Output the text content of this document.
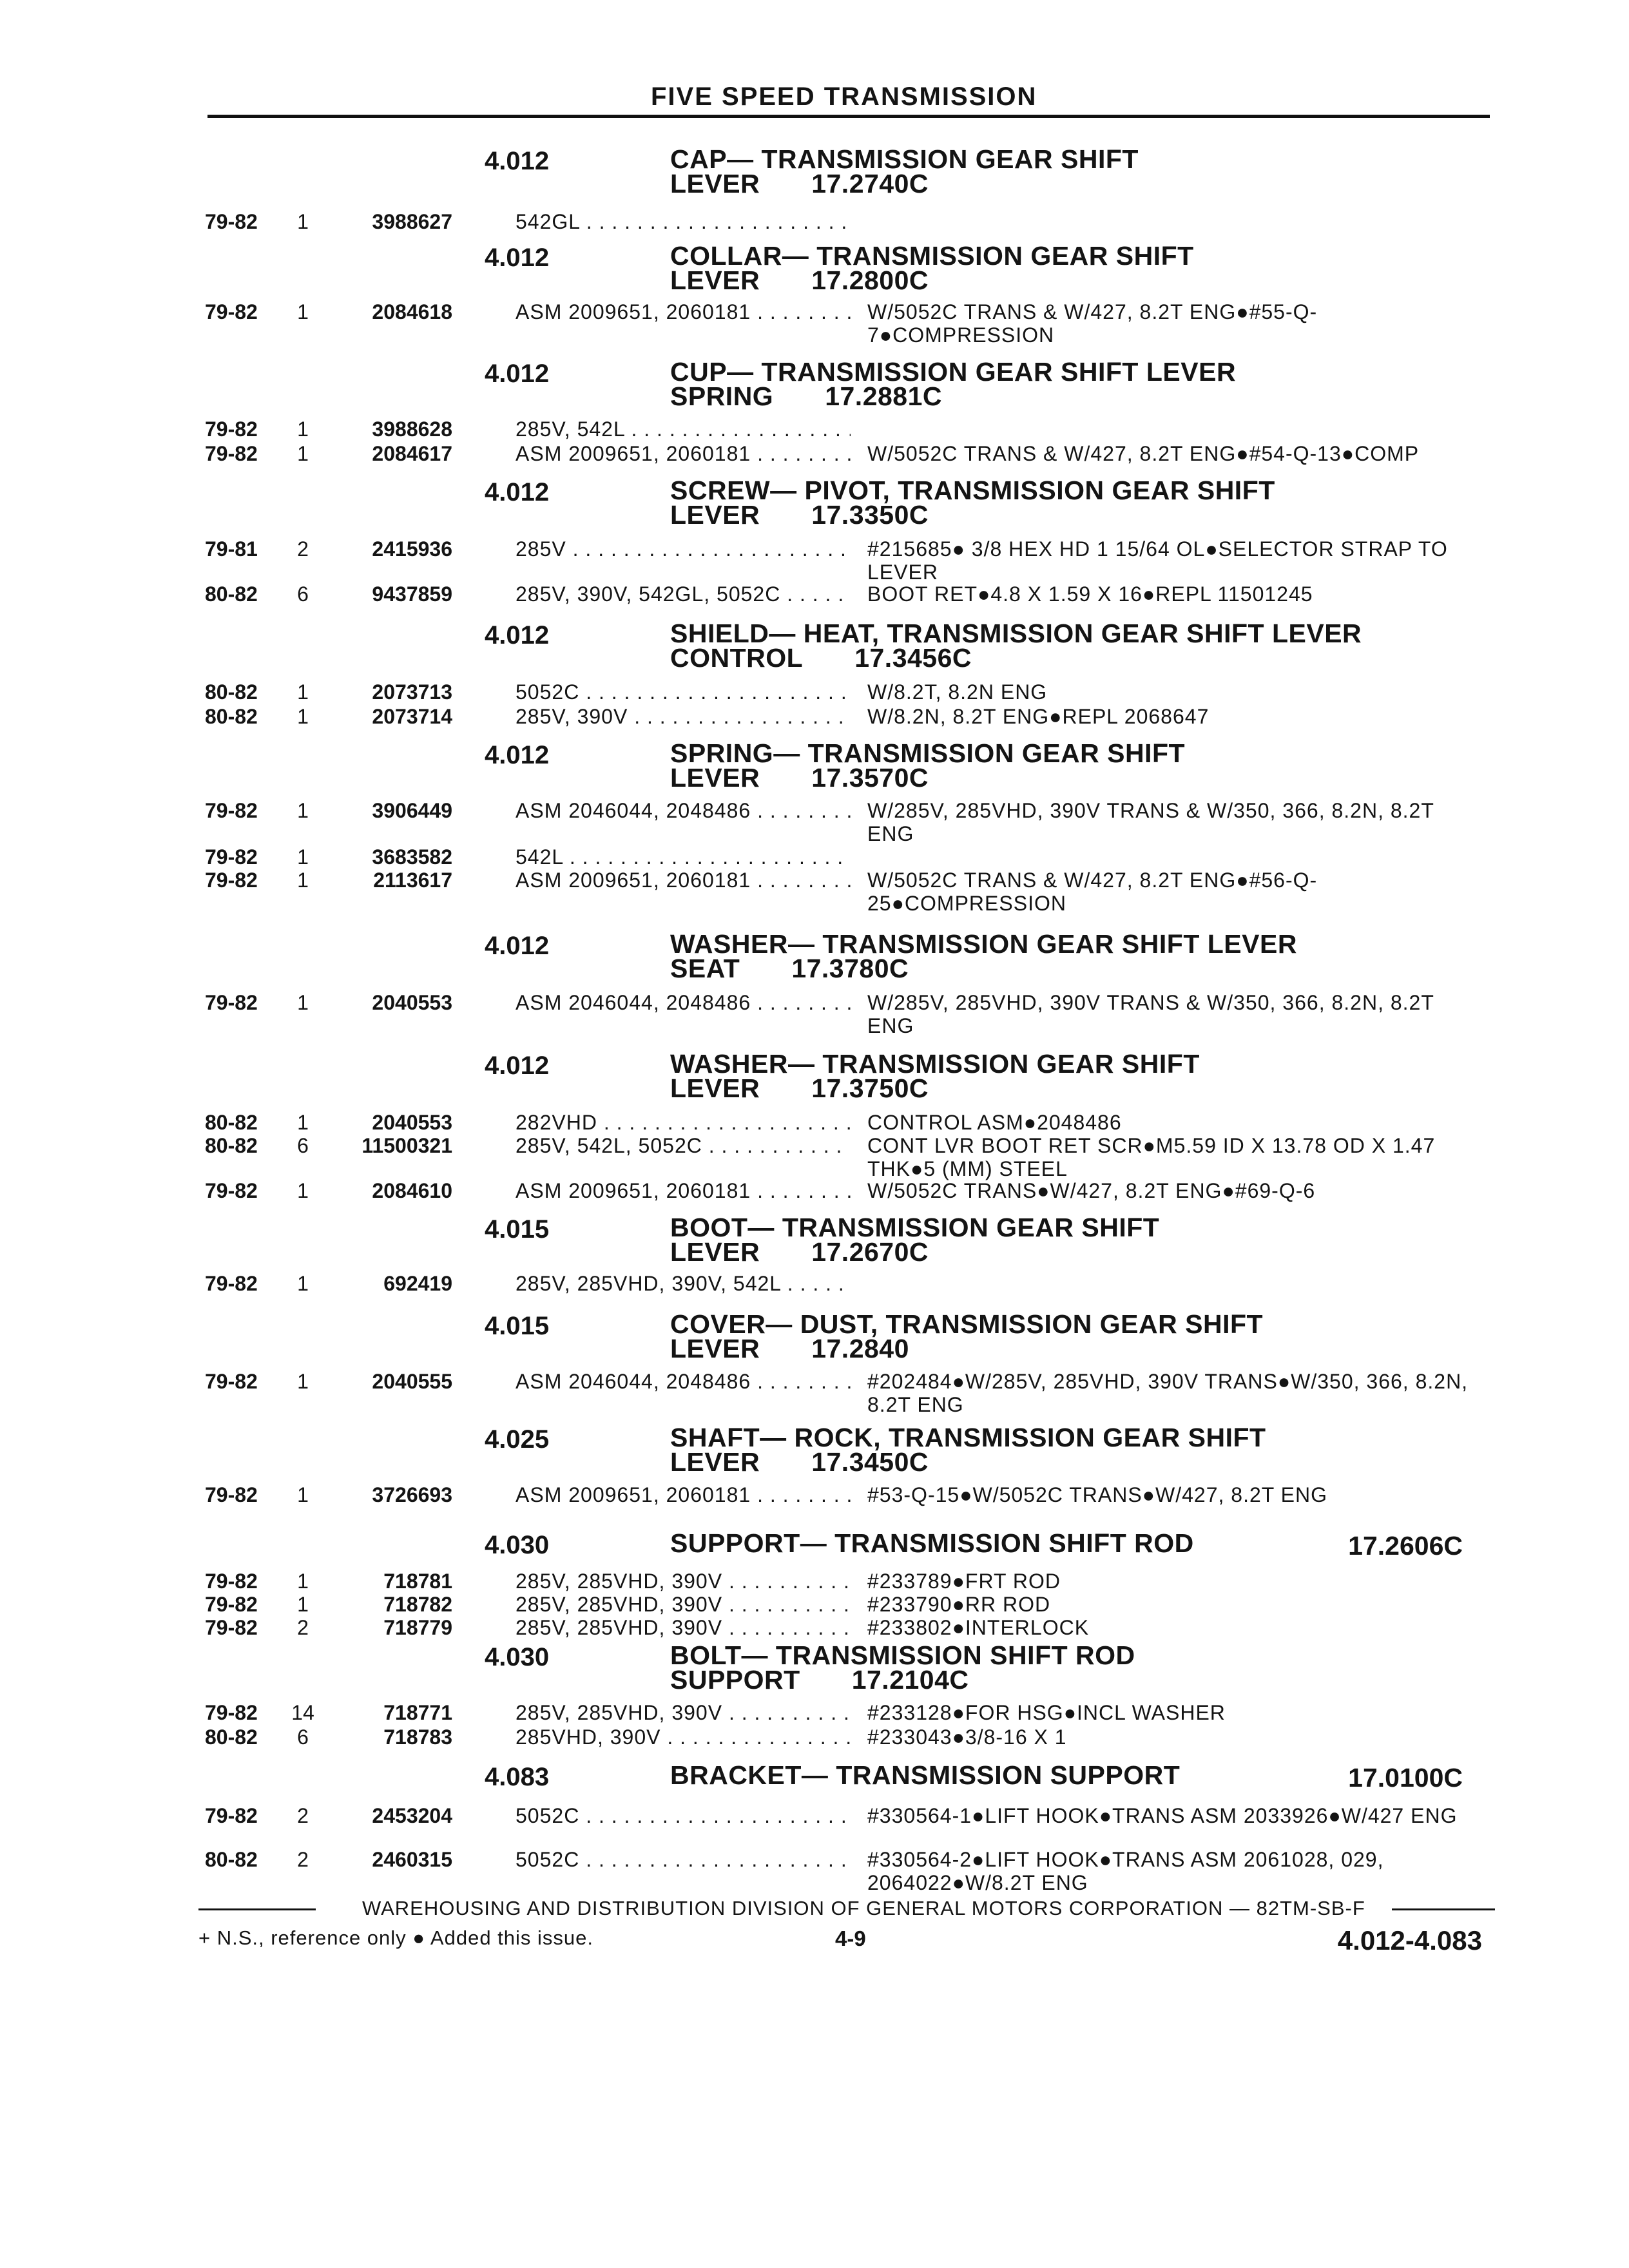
FIVE SPEED TRANSMISSION
4.012	CAP— TRANSMISSION GEAR SHIFT
LEVER 17.2740C
79-82	1	3988627	542GL . . .
4.012	COLLAR— TRANSMISSION GEAR SHIFT
LEVER 17.2800C
79-82	1	2084618	ASM 2009651, 2060181 . . .	W/5052C TRANS & W/427, 8.2T ENG●#55-Q-7●COMPRESSION
4.012	CUP— TRANSMISSION GEAR SHIFT LEVER
SPRING 17.2881C
79-82	1	3988628	285V, 542L . . .
79-82	1	2084617	ASM 2009651, 2060181 . . .	W/5052C TRANS & W/427, 8.2T ENG●#54-Q-13●COMP
4.012	SCREW— PIVOT, TRANSMISSION GEAR SHIFT
LEVER 17.3350C
79-81	2	2415936	285V . . .	#215685● 3/8 HEX HD 1 15/64 OL●SELECTOR STRAP TO LEVER
80-82	6	9437859	285V, 390V, 542GL, 5052C . . .	BOOT RET●4.8 X 1.59 X 16●REPL 11501245
4.012	SHIELD— HEAT, TRANSMISSION GEAR SHIFT LEVER
CONTROL 17.3456C
80-82	1	2073713	5052C . . .	W/8.2T, 8.2N ENG
80-82	1	2073714	285V, 390V . . .	W/8.2N, 8.2T ENG●REPL 2068647
4.012	SPRING— TRANSMISSION GEAR SHIFT
LEVER 17.3570C
79-82	1	3906449	ASM 2046044, 2048486 . . .	W/285V, 285VHD, 390V TRANS & W/350, 366, 8.2N, 8.2T ENG
79-82	1	3683582	542L . . .
79-82	1	2113617	ASM 2009651, 2060181 . . .	W/5052C TRANS & W/427, 8.2T ENG●#56-Q-25●COMPRESSION
4.012	WASHER— TRANSMISSION GEAR SHIFT LEVER
SEAT 17.3780C
79-82	1	2040553	ASM 2046044, 2048486 . . .	W/285V, 285VHD, 390V TRANS & W/350, 366, 8.2N, 8.2T ENG
4.012	WASHER— TRANSMISSION GEAR SHIFT
LEVER 17.3750C
80-82	1	2040553	282VHD . . .	CONTROL ASM●2048486
80-82	6	11500321	285V, 542L, 5052C . . .	CONT LVR BOOT RET SCR●M5.59 ID X 13.78 OD X 1.47 THK●5 (MM) STEEL
79-82	1	2084610	ASM 2009651, 2060181 . . .	W/5052C TRANS●W/427, 8.2T ENG●#69-Q-6
4.015	BOOT— TRANSMISSION GEAR SHIFT
LEVER 17.2670C
79-82	1	692419	285V, 285VHD, 390V, 542L . . .
4.015	COVER— DUST, TRANSMISSION GEAR SHIFT
LEVER 17.2840
79-82	1	2040555	ASM 2046044, 2048486 . . .	#202484●W/285V, 285VHD, 390V TRANS●W/350, 366, 8.2N, 8.2T ENG
4.025	SHAFT— ROCK, TRANSMISSION GEAR SHIFT
LEVER 17.3450C
79-82	1	3726693	ASM 2009651, 2060181 . . .	#53-Q-15●W/5052C TRANS●W/427, 8.2T ENG
4.030	SUPPORT— TRANSMISSION SHIFT ROD	17.2606C
79-82	1	718781	285V, 285VHD, 390V . . .	#233789●FRT ROD
79-82	1	718782	285V, 285VHD, 390V . . .	#233790●RR ROD
79-82	2	718779	285V, 285VHD, 390V . . .	#233802●INTERLOCK
4.030	BOLT— TRANSMISSION SHIFT ROD
SUPPORT 17.2104C
79-82	14	718771	285V, 285VHD, 390V . . .	#233128●FOR HSG●INCL WASHER
80-82	6	718783	285VHD, 390V . . .	#233043●3/8-16 X 1
4.083	BRACKET— TRANSMISSION SUPPORT	17.0100C
79-82	2	2453204	5052C . . .	#330564-1●LIFT HOOK●TRANS ASM 2033926●W/427 ENG
80-82	2	2460315	5052C . . .	#330564-2●LIFT HOOK●TRANS ASM 2061028, 029, 2064022●W/8.2T ENG
WAREHOUSING AND DISTRIBUTION DIVISION OF GENERAL MOTORS CORPORATION — 82TM-SB-F
+ N.S., reference only ● Added this issue.	4-9	4.012-4.083
